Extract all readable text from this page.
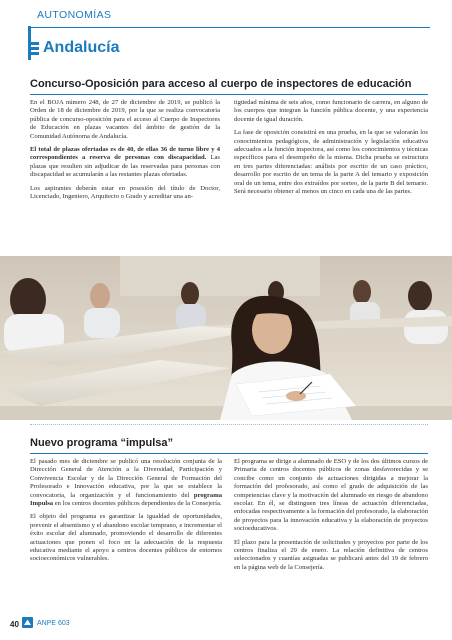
AUTONOMÍAS
Andalucía
Concurso-Oposición para acceso al cuerpo de inspectores de educación

En el BOJA número 248, de 27 de diciembre de 2019, se publicó la Orden de 18 de diciembre de 2019, por la que se realiza convocatoria pública de concurso-oposición para el acceso al Cuerpo de Inspectores de Educación en plazas vacantes del ámbito de gestión de la Comunidad Autónoma de Andalucía.

El total de plazas ofertadas es de 40, de ellas 36 de turno libre y 4 correspondientes a reserva de personas con discapacidad. Las plazas que resulten sin adjudicar de las reservadas para personas con discapacidad se acumularán a las restantes plazas ofertadas.

Los aspirantes deberán estar en posesión del título de Doctor, Licenciado, Ingeniero, Arquitecto o Grado y acreditar una an-

tigüedad mínima de seis años, como funcionario de carrera, en alguno de los cuerpos que integran la función pública docente, y una experiencia docente de igual duración.

La fase de oposición consistirá en una prueba, en la que se valorarán los conocimientos pedagógicos, de administración y legislación educativa adecuados a la función inspectora, así como los conocimientos y técnicas específicos para el desempeño de la misma. Dicha prueba se estructura en tres partes diferenciadas: análisis por escrito de un caso práctico, desarrollo por escrito de un tema de la parte A del temario y exposición oral de un tema, entre dos extraídos por sorteo, de la parte B del temario. Será necesario obtener al menos un cinco en cada una de las partes.

Nuevo programa “impulsa”

El pasado mes de diciembre se publicó una resolución conjunta de la Dirección General de Atención a la Diversidad, Participación y Convivencia Escolar y de la Dirección General de Formación del Profesorado e Innovación educativa, por la que se establece la convocatoria, la organización y el funcionamiento del programa Impulsa en los centros docentes públicos dependientes de la Consejería.

El objeto del programa es garantizar la igualdad de oportunidades, prevenir el absentismo y el abandono escolar temprano, e incrementar el éxito escolar del alumnado, promoviendo el desarrollo de diferentes actuaciones que ponen el foco en la adecuación de la respuesta educativa mediante el apoyo a centros docentes públicos de entornos socioeconómicos vulnerables.

El programa se dirige a alumnado de ESO y de los dos últimos cursos de Primaria de centros docentes públicos de zonas desfavorecidas y se concibe como un conjunto de actuaciones dirigidas a mejorar la formación del profesorado, así como el grado de adquisición de las competencias clave y la motivación del alumnado en riesgo de abandono escolar. En él, se distinguen tres líneas de actuación diferenciadas, enfocadas respectivamente a la formación del profesorado, la elaboración de proyectos para la innovación educativa y la elaboración de proyectos socioeducativos.

El plazo para la presentación de solicitudes y proyectos por parte de los centros finaliza el 29 de enero. La relación definitiva de centros seleccionados y cuantías asignadas se publicará antes del 19 de febrero en la página web de la Consejería.

40	ANPE 603
